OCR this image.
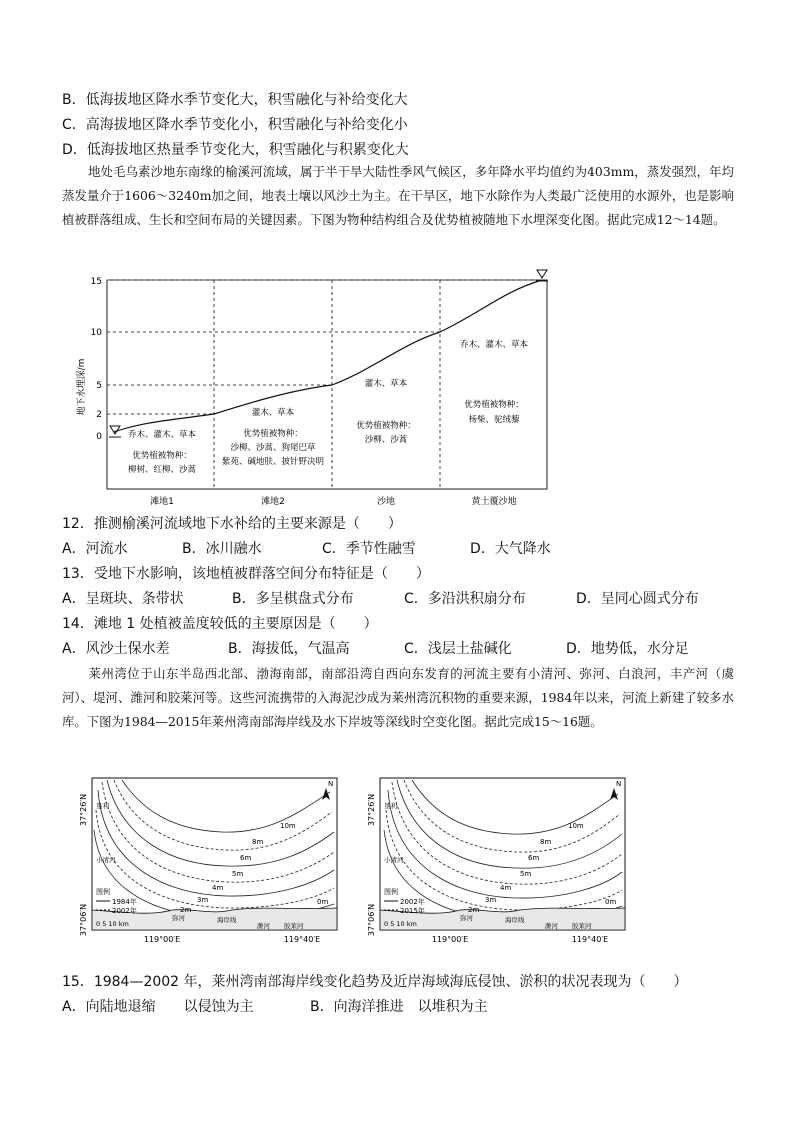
B．低海拔地区降水季节变化大，积雪融化与补给变化大
C．高海拔地区降水季节变化小，积雪融化与补给变化小
D．低海拔地区热量季节变化大，积雪融化与积累变化大
地处毛乌素沙地东南缘的榆溪河流域，属于半干旱大陆性季风气候区，多年降水平均值约为403mm，蒸发强烈，年均蒸发量介于1606～3240m加之间，地表土壤以风沙土为主。在干旱区，地下水除作为人类最广泛使用的水源外，也是影响植被群落组成、生长和空间布局的关键因素。下图为物种结构组合及优势植被随地下水埋深变化图。据此完成12～14题。
地下水埋深/m
15
10
5
2
0	乔木、灌木、草本
优势植被物种：
柳树、红柳、沙蒿
灌木、草本
优势植被物种：
沙柳、沙蒿、狗尾巴草
紫苑、碱地肤、披针野决明
灌木、草本
优势植被物种：
沙柳、沙蒿
乔木、灌木、草本
优势植被物种：
杨柴、驼绒藜
滩地1	滩地2	沙地	黄土覆沙地
12．推测榆溪河流域地下水补给的主要来源是（　　）
A．河流水	B．冰川融水	C．季节性融雪	D．大气降水
13．受地下水影响，该地植被群落空间分布特征是（　　）
A．呈斑块、条带状	B．多呈棋盘式分布	C．多沿洪积扇分布	D．呈同心圆式分布
14．滩地 1 处植被盖度较低的主要原因是（　　）
A．风沙土保水差	B．海拔低，气温高	C．浅层土盐碱化	D．地势低，水分足
莱州湾位于山东半岛西北部、渤海南部，南部沿湾自西向东发育的河流主要有小清河、弥河、白浪河，丰产河（虞河）、堤河、潍河和胶莱河等。这些河流携带的入海泥沙成为莱州湾沉积物的重要来源，1984年以来，河流上新建了较多水库。下图为1984—2015年莱州湾南部海岸线及水下岸坡等深线时空变化图。据此完成15～16题。
37°26′N
37°06′N
119°00′E	119°40′E
10m
8m
6m
5m
4m
3m
2m
0m
垦利
小清河
图例
1984年
2002年
弥河	海岸线
潍河 胶莱河
0 5 10 km
N
37°26′N
37°06′N
119°00′E	119°40′E
10m
8m
6m
5m
4m
3m
2m
0m
垦利
小清河
图例
2002年
2015年
弥河	海岸线
潍河 胶莱河
0 5 10 km
N
15．1984—2002 年，莱州湾南部海岸线变化趋势及近岸海域海底侵蚀、淤积的状况表现为（　　）
A．向陆地退缩　　以侵蚀为主	B．向海洋推进　以堆积为主
